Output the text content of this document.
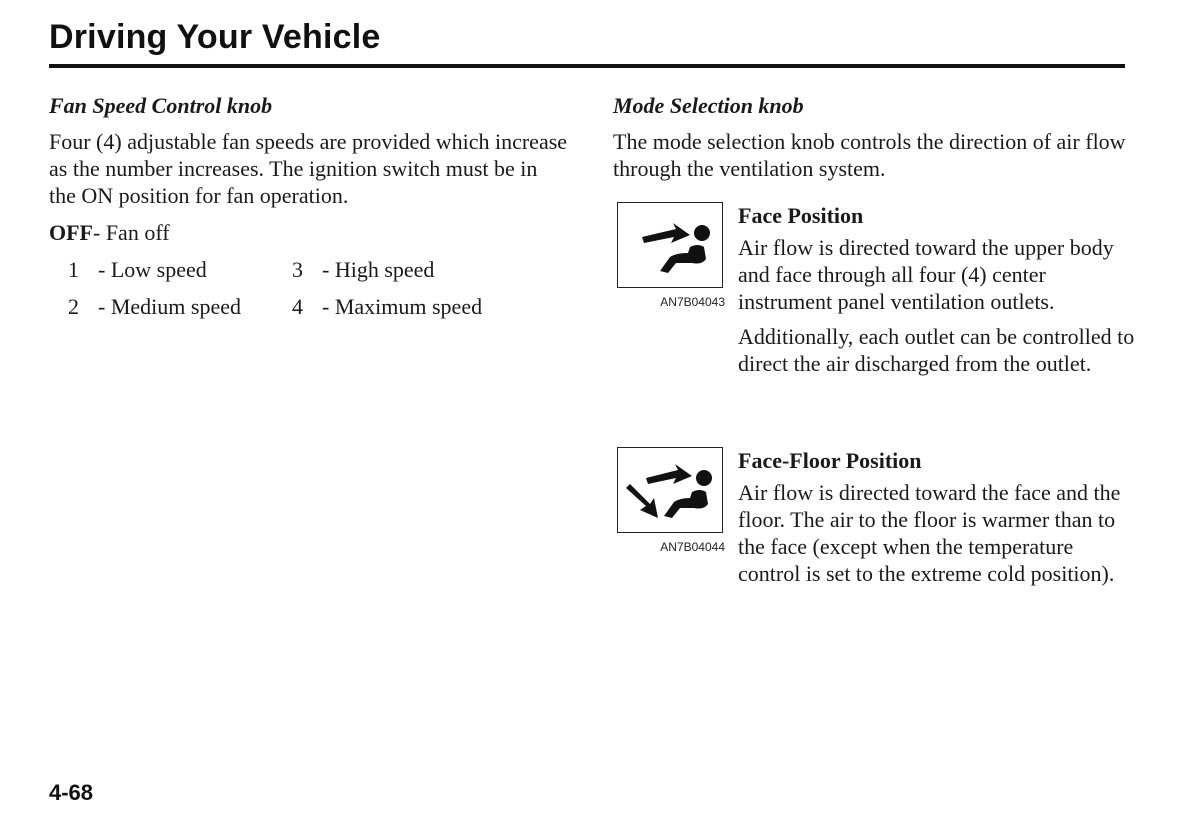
Driving Your Vehicle
Fan Speed Control knob

Four (4) adjustable fan speeds are provided which increase as the number increases. The ignition switch must be in the ON position for fan operation.

OFF- Fan off

1 - Low speed	3 - High speed
2 - Medium speed	4 - Maximum speed
Mode Selection knob

The mode selection knob controls the direction of air flow through the ventilation system.

AN7B04043
Face Position

Air flow is directed toward the upper body and face through all four (4) center instrument panel ventilation outlets.

Additionally, each outlet can be controlled to direct the air discharged from the outlet.

AN7B04044
Face-Floor Position

Air flow is directed toward the face and the floor. The air to the floor is warmer than to the face (except when the temperature control is set to the extreme cold position).

4-68
